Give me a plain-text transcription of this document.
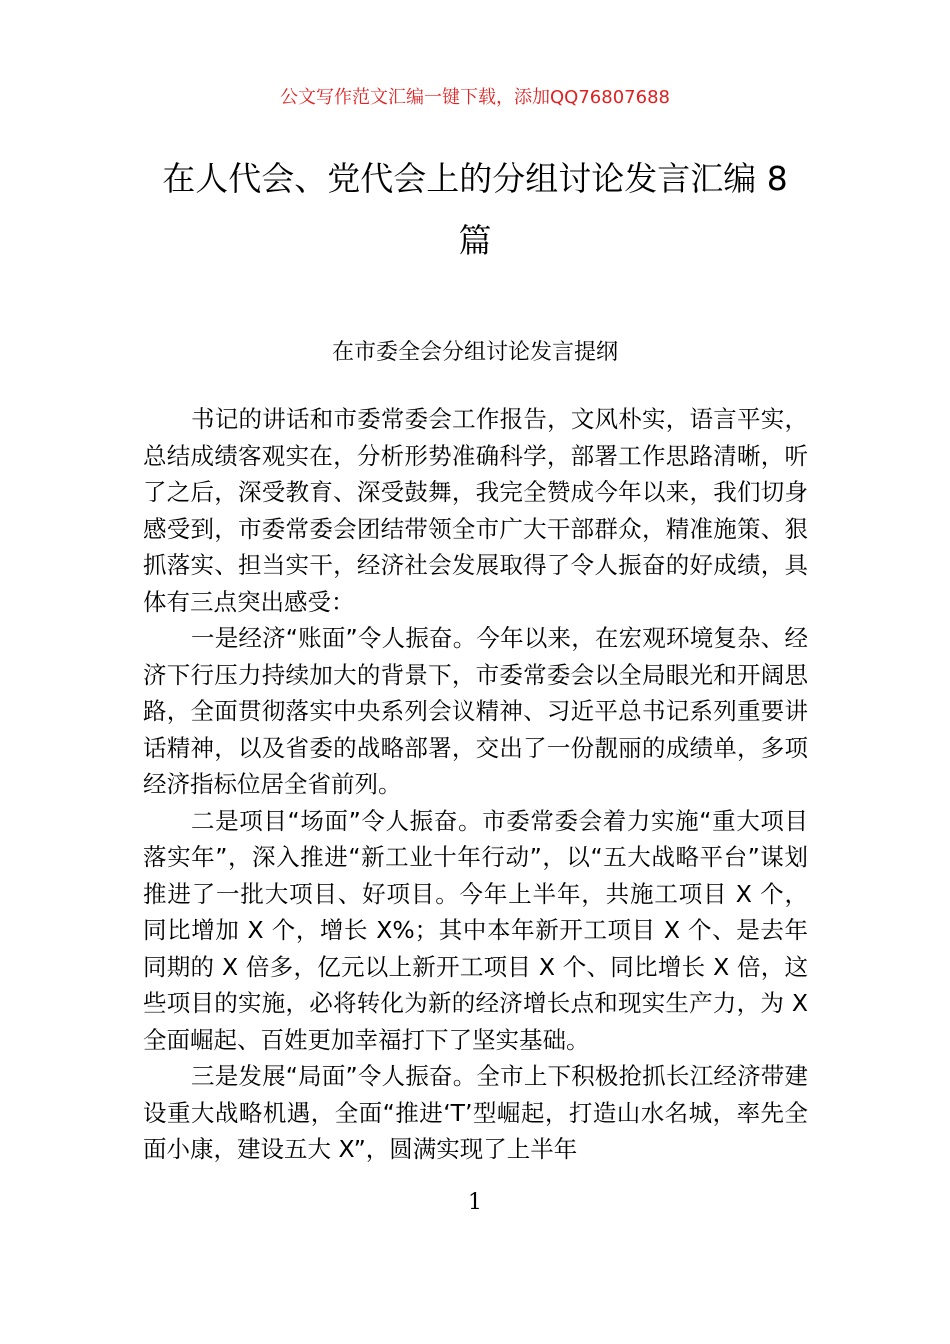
公文写作范文汇编一键下载，添加QQ76807688
在人代会、党代会上的分组讨论发言汇编 8
篇
在市委全会分组讨论发言提纲

书记的讲话和市委常委会工作报告，文风朴实，语言平实，总结成绩客观实在，分析形势准确科学，部署工作思路清晰，听了之后，深受教育、深受鼓舞，我完全赞成今年以来，我们切身感受到，市委常委会团结带领全市广大干部群众，精准施策、狠抓落实、担当实干，经济社会发展取得了令人振奋的好成绩，具体有三点突出感受：

一是经济“账面”令人振奋。今年以来，在宏观环境复杂、经济下行压力持续加大的背景下，市委常委会以全局眼光和开阔思路，全面贯彻落实中央系列会议精神、习近平总书记系列重要讲话精神，以及省委的战略部署，交出了一份靓丽的成绩单，多项经济指标位居全省前列。

二是项目“场面”令人振奋。市委常委会着力实施“重大项目落实年”，深入推进“新工业十年行动”，以“五大战略平台”谋划推进了一批大项目、好项目。今年上半年，共施工项目 X 个，同比增加 X 个，增长 X%；其中本年新开工项目 X 个、是去年同期的 X 倍多，亿元以上新开工项目 X 个、同比增长 X 倍，这些项目的实施，必将转化为新的经济增长点和现实生产力，为 X 全面崛起、百姓更加幸福打下了坚实基础。

三是发展“局面”令人振奋。全市上下积极抢抓长江经济带建设重大战略机遇，全面“推进‘T’型崛起，打造山水名城，率先全面小康，建设五大 X”，圆满实现了上半年

1
